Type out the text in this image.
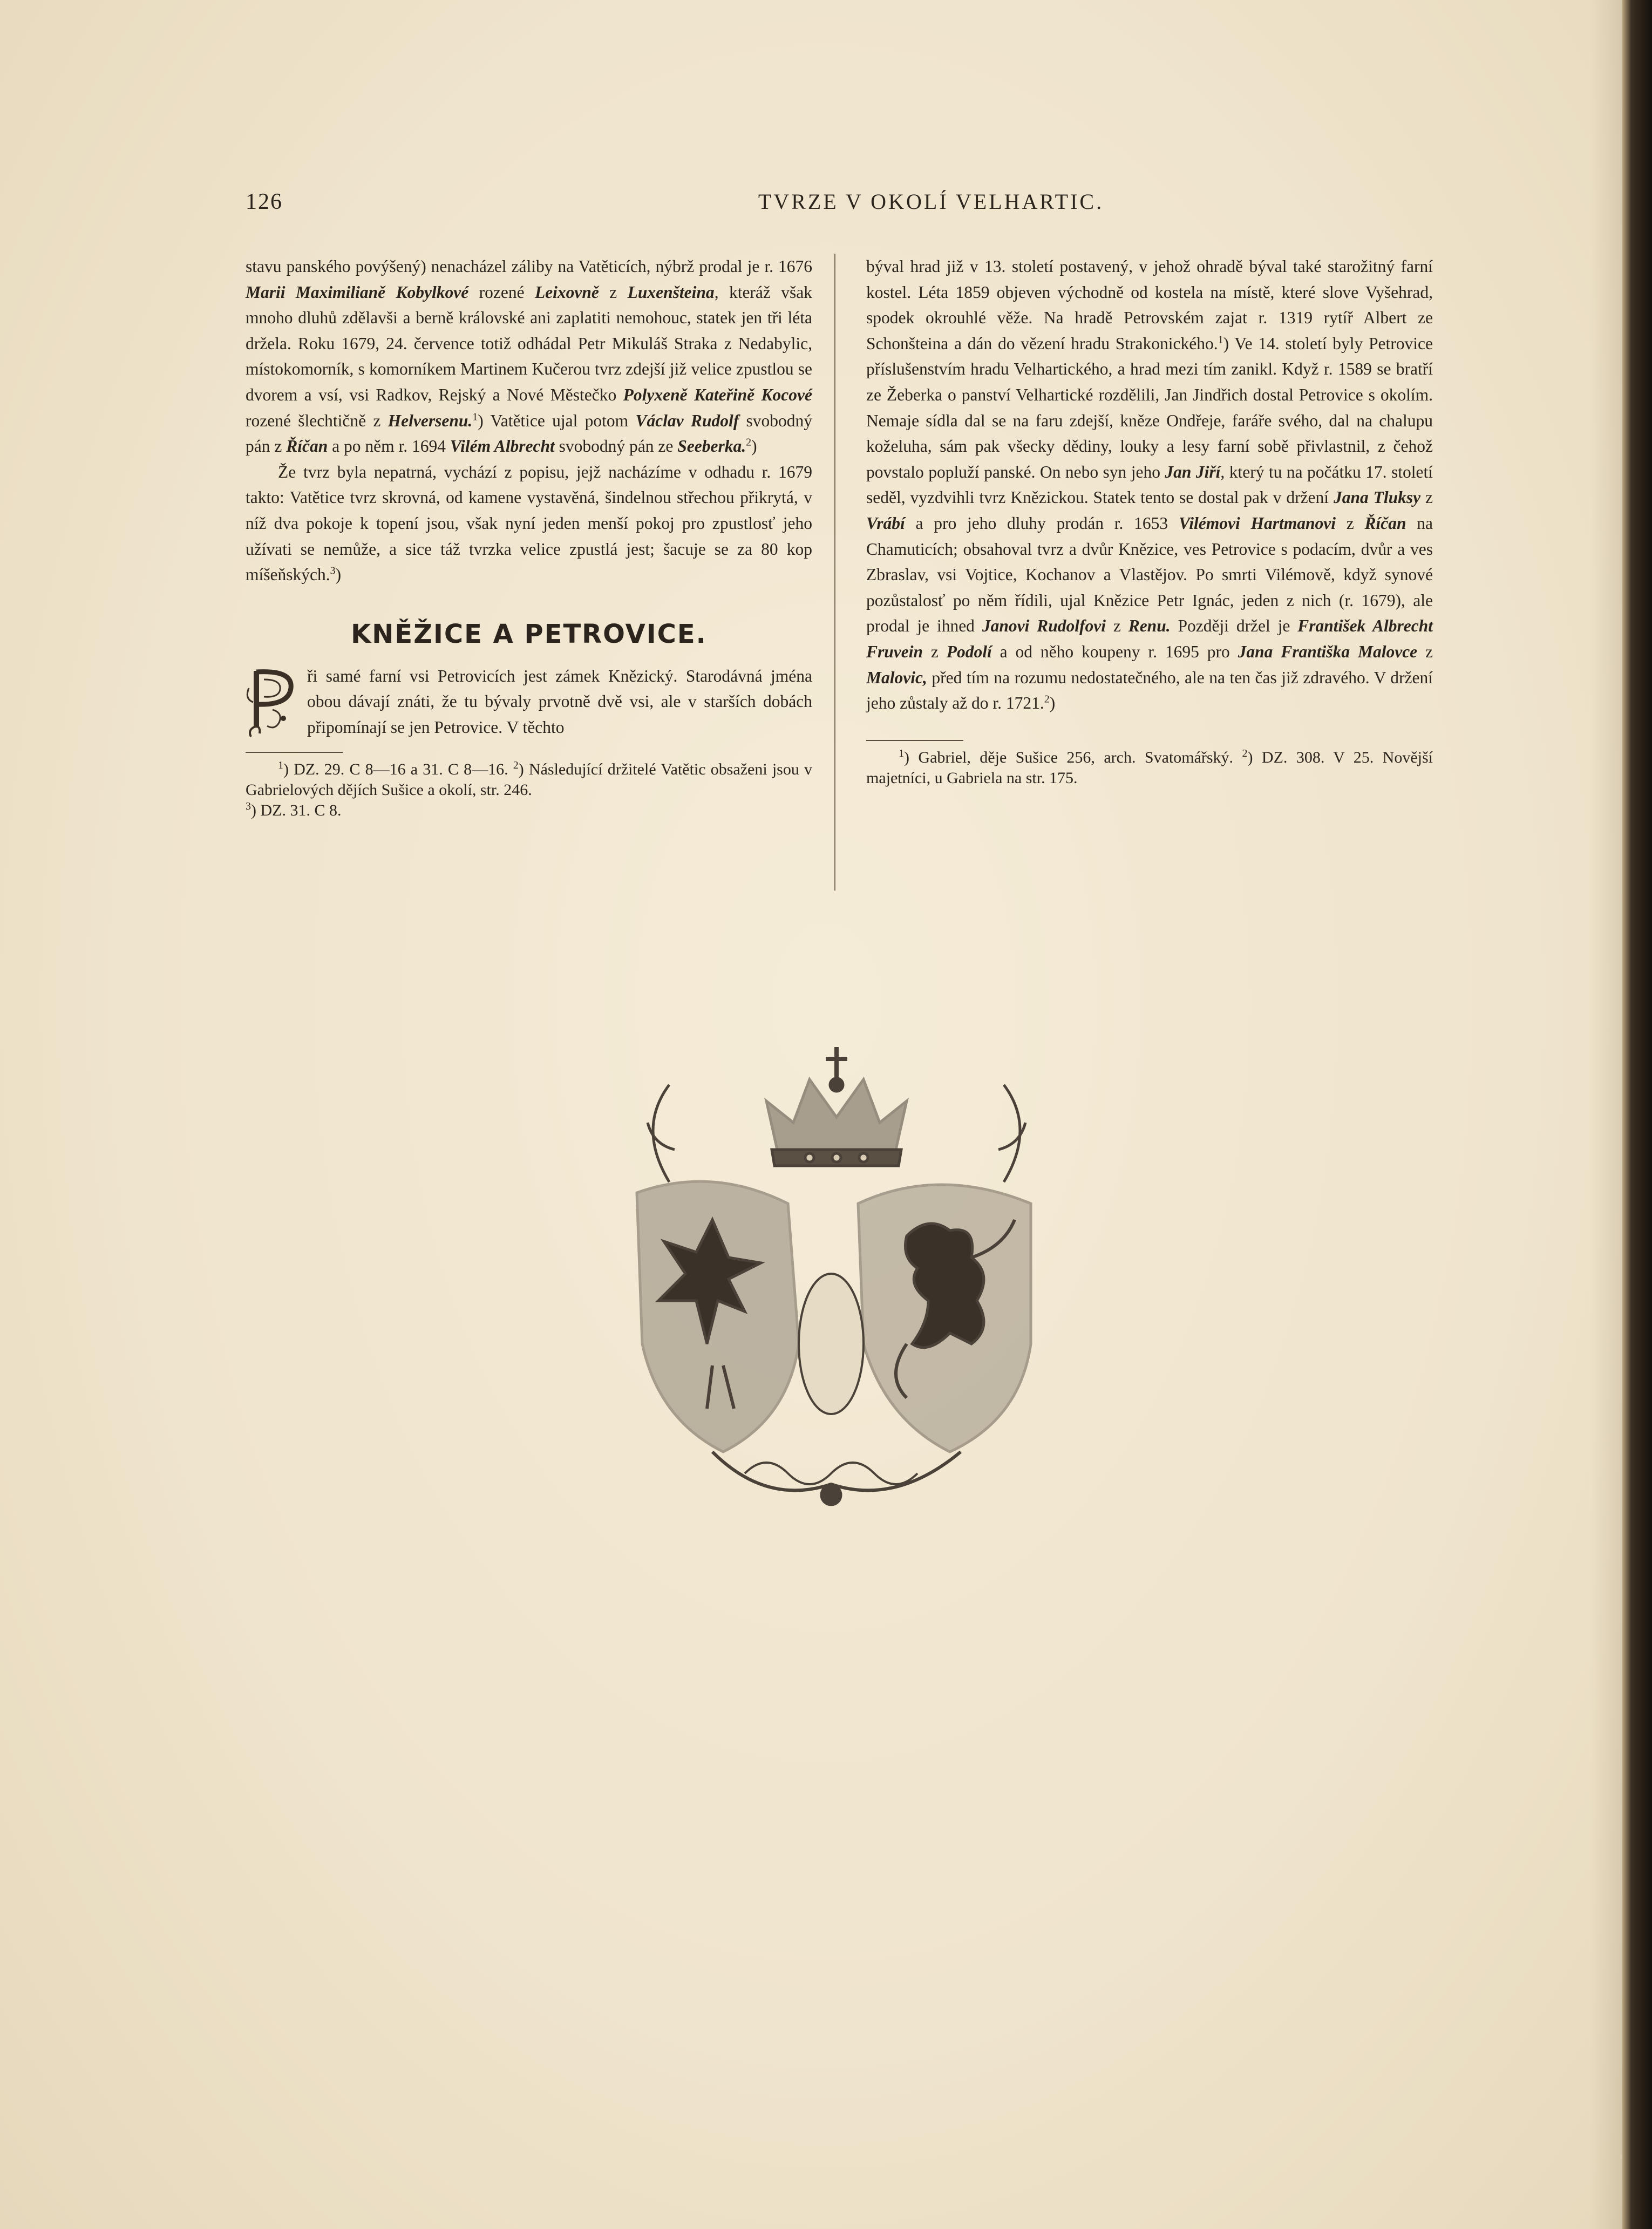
126	TVRZE V OKOLÍ VELHARTIC.

stavu panského povýšený) nenacházel záliby na Vatěticích, nýbrž prodal je r. 1676 Marii Maximilianě Kobylkové rozené Leixovně z Luxenšteina, kteráž však mnoho dluhů zdělavši a berně královské ani zaplatiti nemohouc, statek jen tři léta držela. Roku 1679, 24. července totiž odhádal Petr Mikuláš Straka z Nedabylic, místokomorník, s komorníkem Martinem Kučerou tvrz zdejší již velice zpustlou se dvorem a vsí, vsi Radkov, Rejský a Nové Městečko Polyxeně Kateřině Kocové rozené šlechtičně z Helversenu.$^1$) Vatětice ujal potom Václav Rudolf svobodný pán z Říčan a po něm r. 1694 Vilém Albrecht svobodný pán ze Seeberka.$^2$)

Že tvrz byla nepatrná, vychází z popisu, jejž nacházíme v odhadu r. 1679 takto: Vatětice tvrz skrovná, od kamene vystavěná, šindelnou střechou přikrytá, v níž dva pokoje k topení jsou, však nyní jeden menší pokoj pro zpustlosť jeho užívati se nemůže, a sice táž tvrzka velice zpustlá jest; šacuje se za 80 kop míšeňských.$^3$)

KNĚŽICE A PETROVICE.

ři samé farní vsi Petrovicích jest zámek Knězický. Starodávná jména obou dávají znáti, že tu bývaly prvotně dvě vsi, ale v starších dobách připomínají se jen Petrovice. V těchto

$^1$) DZ. 29. C 8—16 a 31. C 8—16. $^2$) Následující držitelé Vatětic obsaženi jsou v Gabrielových dějích Sušice a okolí, str. 246.
$^3$) DZ. 31. C 8.

býval hrad již v 13. století postavený, v jehož ohradě býval také starožitný farní kostel. Léta 1859 objeven východně od kostela na místě, které slove Vyšehrad, spodek okrouhlé věže. Na hradě Petrovském zajat r. 1319 rytíř Albert ze Schonšteina a dán do vězení hradu Strakonického.$^1$) Ve 14. století byly Petrovice příslušenstvím hradu Velhartického, a hrad mezi tím zanikl. Když r. 1589 se bratří ze Žeberka o panství Velhartické rozdělili, Jan Jindřich dostal Petrovice s okolím. Nemaje sídla dal se na faru zdejší, kněze Ondřeje, faráře svého, dal na chalupu koželuha, sám pak všecky dědiny, louky a lesy farní sobě přivlastnil, z čehož povstalo popluží panské. On nebo syn jeho Jan Jiří, který tu na počátku 17. století seděl, vyzdvihli tvrz Knězickou. Statek tento se dostal pak v držení Jana Tluksy z Vrábí a pro jeho dluhy prodán r. 1653 Vilémovi Hartmanovi z Říčan na Chamuticích; obsahoval tvrz a dvůr Knězice, ves Petrovice s podacím, dvůr a ves Zbraslav, vsi Vojtice, Kochanov a Vlastějov. Po smrti Vilémově, když synové pozůstalosť po něm řídili, ujal Knězice Petr Ignác, jeden z nich (r. 1679), ale prodal je ihned Janovi Rudolfovi z Renu. Později držel je František Albrecht Fruvein z Podolí a od něho koupeny r. 1695 pro Jana Františka Malovce z Malovic, před tím na rozumu nedostatečného, ale na ten čas již zdravého. V držení jeho zůstaly až do r. 1721.$^2$)

$^1$) Gabriel, děje Sušice 256, arch. Svatomářský. $^2$) DZ. 308. V 25. Novější majetníci, u Gabriela na str. 175.
